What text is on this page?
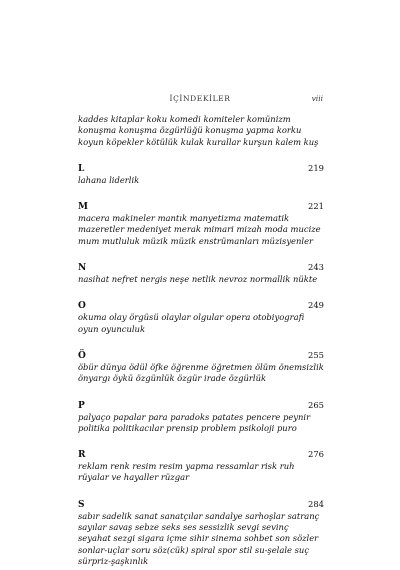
İÇİNDEKİLER	viii

kaddes kitaplar koku komedi komiteler komünizm konuşma konuşma özgürlüğü konuşma yapma korku koyun köpekler kötülük kulak kurallar kurşun kalem kuş

L	219

lahana liderlik

M	221

macera makineler mantık manyetizma matematik mazeretler medeniyet merak mimari mizah moda mucize mum mutluluk müzik müzik enstrümanları müzisyenler

N	243

nasihat nefret nergis neşe netlik nevroz normallik nükte

O	249

okuma olay örgüsü olaylar olgular opera otobiyografi oyun oyunculuk

Ö	255

öbür dünya ödül öfke öğrenme öğretmen ölüm önemsizlik önyargı öykü özgünlük özgür irade özgürlük

P	265

palyaço papalar para paradoks patates pencere peynir politika politikacılar prensip problem psikoloji puro

R	276

reklam renk resim resim yapma ressamlar risk ruh rüyalar ve hayaller rüzgar

S	284

sabır sadelik sanat sanatçılar sandalye sarhoşlar satranç sayılar savaş sebze seks ses sessizlik sevgi sevinç seyahat sezgi sigara içme sihir sinema sohbet son sözler sonlar-uçlar soru söz(cük) spiral spor stil su-şelale suç sürpriz-şaşkınlık
